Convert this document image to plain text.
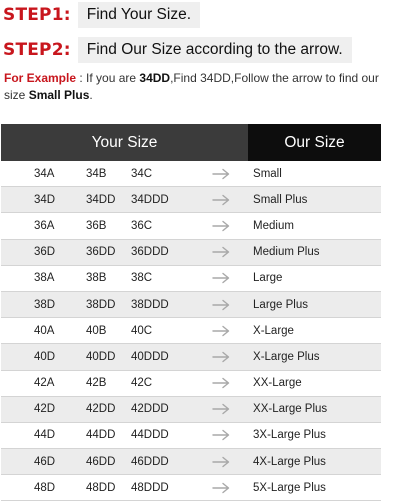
STEP1:	Find Your Size.
STEP2:	Find Our Size according to the arrow.
For Example : If you are 34DD,Find 34DD,Follow the arrow to find our size Small Plus.
Your Size				Our Size
34A	34B	34C		Small
34D	34DD	34DDD		Small Plus
36A	36B	36C		Medium
36D	36DD	36DDD		Medium Plus
38A	38B	38C		Large
38D	38DD	38DDD		Large Plus
40A	40B	40C		X-Large
40D	40DD	40DDD		X-Large Plus
42A	42B	42C		XX-Large
42D	42DD	42DDD		XX-Large Plus
44D	44DD	44DDD		3X-Large Plus
46D	46DD	46DDD		4X-Large Plus
48D	48DD	48DDD		5X-Large Plus
